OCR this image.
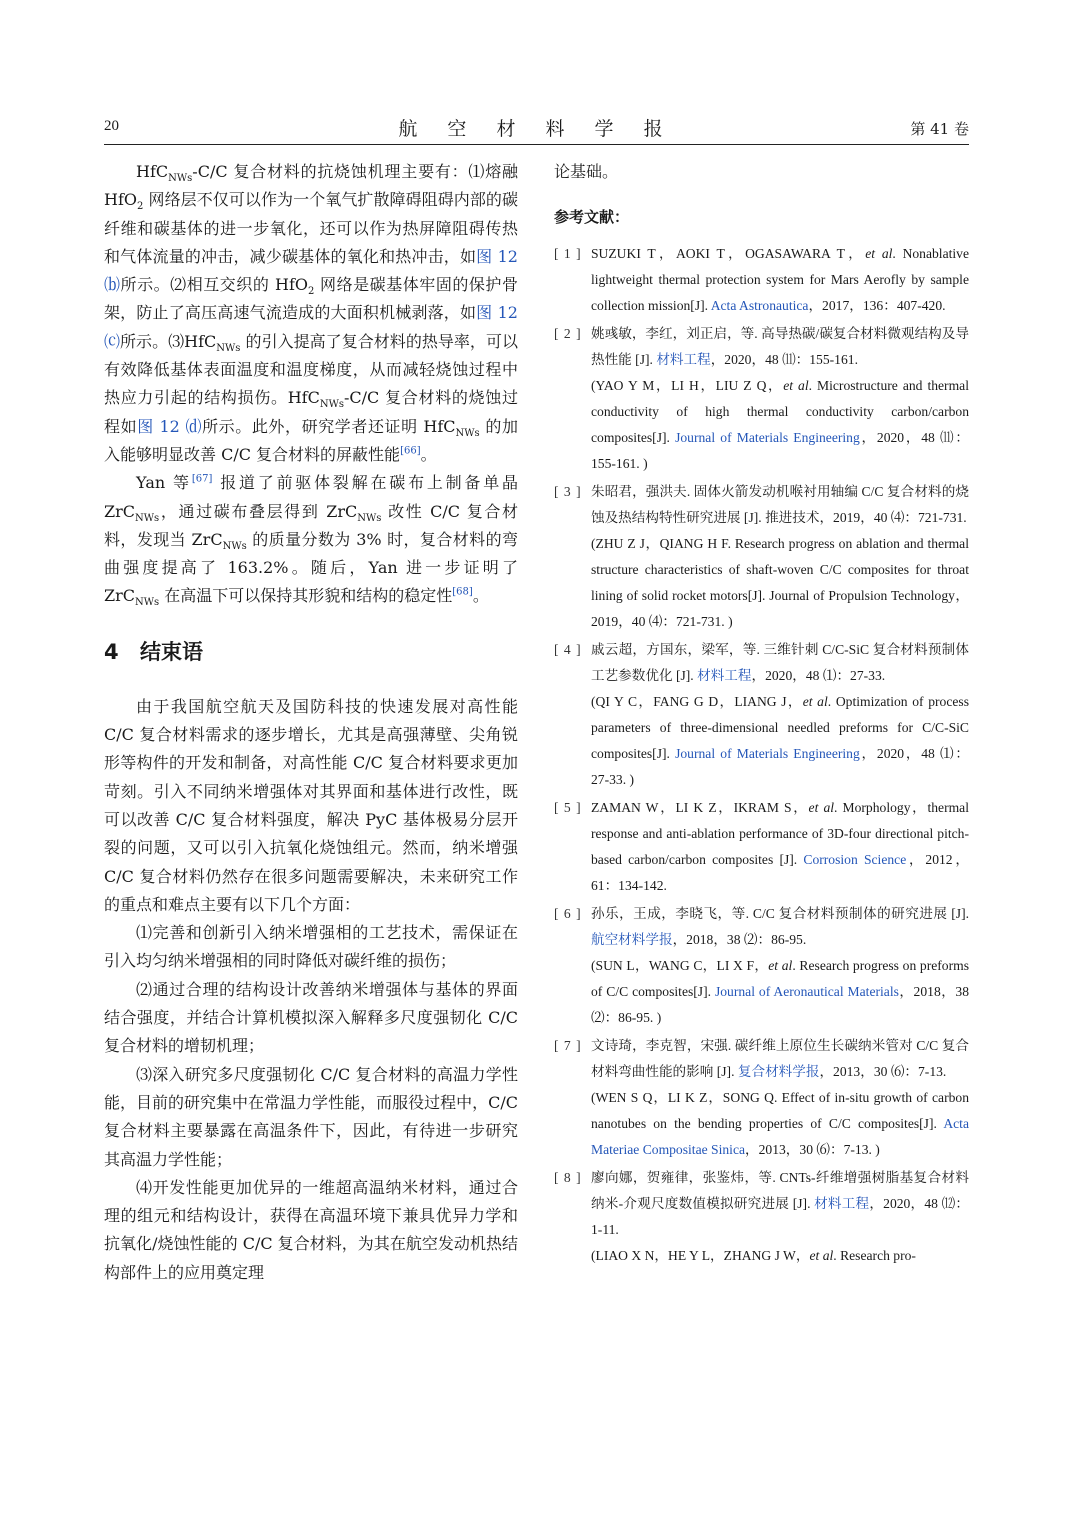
20	航 空 材 料 学 报	第 41 卷

HfC$_{NWs}$-C/C 复合材料的抗烧蚀机理主要有：⑴熔融 HfO$_2$ 网络层不仅可以作为一个氧气扩散障碍阻碍内部的碳纤维和碳基体的进一步氧化，还可以作为热屏障阻碍传热和气体流量的冲击，减少碳基体的氧化和热冲击，如图 12 ⒝所示。⑵相互交织的 HfO$_2$ 网络是碳基体牢固的保护骨架，防止了高压高速气流造成的大面积机械剥落，如图 12 ⒞所示。⑶HfC$_{NWs}$ 的引入提高了复合材料的热导率，可以有效降低基体表面温度和温度梯度，从而减轻烧蚀过程中热应力引起的结构损伤。HfC$_{NWs}$-C/C 复合材料的烧蚀过程如图 12 ⒟所示。此外，研究学者还证明 HfC$_{NWs}$ 的加入能够明显改善 C/C 复合材料的屏蔽性能[66]。

Yan 等[67] 报道了前驱体裂解在碳布上制备单晶 ZrC$_{NWs}$，通过碳布叠层得到 ZrC$_{NWs}$ 改性 C/C 复合材料，发现当 ZrC$_{NWs}$ 的质量分数为 3% 时，复合材料的弯曲强度提高了 163.2%。随后，Yan 进一步证明了 ZrC$_{NWs}$ 在高温下可以保持其形貌和结构的稳定性[68]。

4 结束语

由于我国航空航天及国防科技的快速发展对高性能 C/C 复合材料需求的逐步增长，尤其是高强薄壁、尖角锐形等构件的开发和制备，对高性能 C/C 复合材料要求更加苛刻。引入不同纳米增强体对其界面和基体进行改性，既可以改善 C/C 复合材料强度，解决 PyC 基体极易分层开裂的问题，又可以引入抗氧化烧蚀组元。然而，纳米增强 C/C 复合材料仍然存在很多问题需要解决，未来研究工作的重点和难点主要有以下几个方面：

⑴完善和创新引入纳米增强相的工艺技术，需保证在引入均匀纳米增强相的同时降低对碳纤维的损伤；

⑵通过合理的结构设计改善纳米增强体与基体的界面结合强度，并结合计算机模拟深入解释多尺度强韧化 C/C 复合材料的增韧机理；

⑶深入研究多尺度强韧化 C/C 复合材料的高温力学性能，目前的研究集中在常温力学性能，而服役过程中，C/C 复合材料主要暴露在高温条件下，因此，有待进一步研究其高温力学性能；

⑷开发性能更加优异的一维超高温纳米材料，通过合理的组元和结构设计，获得在高温环境下兼具优异力学和抗氧化/烧蚀性能的 C/C 复合材料，为其在航空发动机热结构部件上的应用奠定理

论基础。

参考文献：
[ 1 ] SUZUKI T，AOKI T，OGASAWARA T，et al. Nonablative lightweight thermal protection system for Mars Aerofly by sample collection mission[J]. Acta Astronautica，2017，136：407-420.
[ 2 ] 姚彧敏，李红，刘正启，等. 高导热碳/碳复合材料微观结构及导热性能 [J]. 材料工程，2020，48 ⑾：155-161.
(YAO Y M，LI H，LIU Z Q，et al. Microstructure and thermal conductivity of high thermal conductivity carbon/carbon composites[J]. Journal of Materials Engineering，2020，48 ⑾：155-161. )
[ 3 ] 朱昭君，强洪夫. 固体火箭发动机喉衬用轴编 C/C 复合材料的烧蚀及热结构特性研究进展 [J]. 推进技术，2019，40 ⑷：721-731.
(ZHU Z J，QIANG H F. Research progress on ablation and thermal structure characteristics of shaft-woven C/C composites for throat lining of solid rocket motors[J]. Journal of Propulsion Technology，2019，40 ⑷：721-731. )
[ 4 ] 戚云超，方国东，梁军，等. 三维针刺 C/C-SiC 复合材料预制体工艺参数优化 [J]. 材料工程，2020，48 ⑴：27-33.
(QI Y C，FANG G D，LIANG J，et al. Optimization of process parameters of three-dimensional needled preforms for C/C-SiC composites[J]. Journal of Materials Engineering，2020，48 ⑴：27-33. )
[ 5 ] ZAMAN W，LI K Z，IKRAM S，et al. Morphology，thermal response and anti-ablation performance of 3D-four directional pitch-based carbon/carbon composites [J]. Corrosion Science，2012，61：134-142.
[ 6 ] 孙乐，王成，李晓飞，等. C/C 复合材料预制体的研究进展 [J]. 航空材料学报，2018，38 ⑵：86-95.
(SUN L，WANG C，LI X F，et al. Research progress on preforms of C/C composites[J]. Journal of Aeronautical Materials，2018，38 ⑵：86-95. )
[ 7 ] 文诗琦，李克智，宋强. 碳纤维上原位生长碳纳米管对 C/C 复合材料弯曲性能的影响 [J]. 复合材料学报，2013，30 ⑹：7-13.
(WEN S Q，LI K Z，SONG Q. Effect of in-situ growth of carbon nanotubes on the bending properties of C/C composites[J]. Acta Materiae Compositae Sinica，2013，30 ⑹：7-13. )
[ 8 ] 廖向娜，贺雍律，张鉴炜，等. CNTs-纤维增强树脂基复合材料纳米-介观尺度数值模拟研究进展 [J]. 材料工程，2020，48 ⑿：1-11.
(LIAO X N，HE Y L，ZHANG J W，et al. Research pro-
